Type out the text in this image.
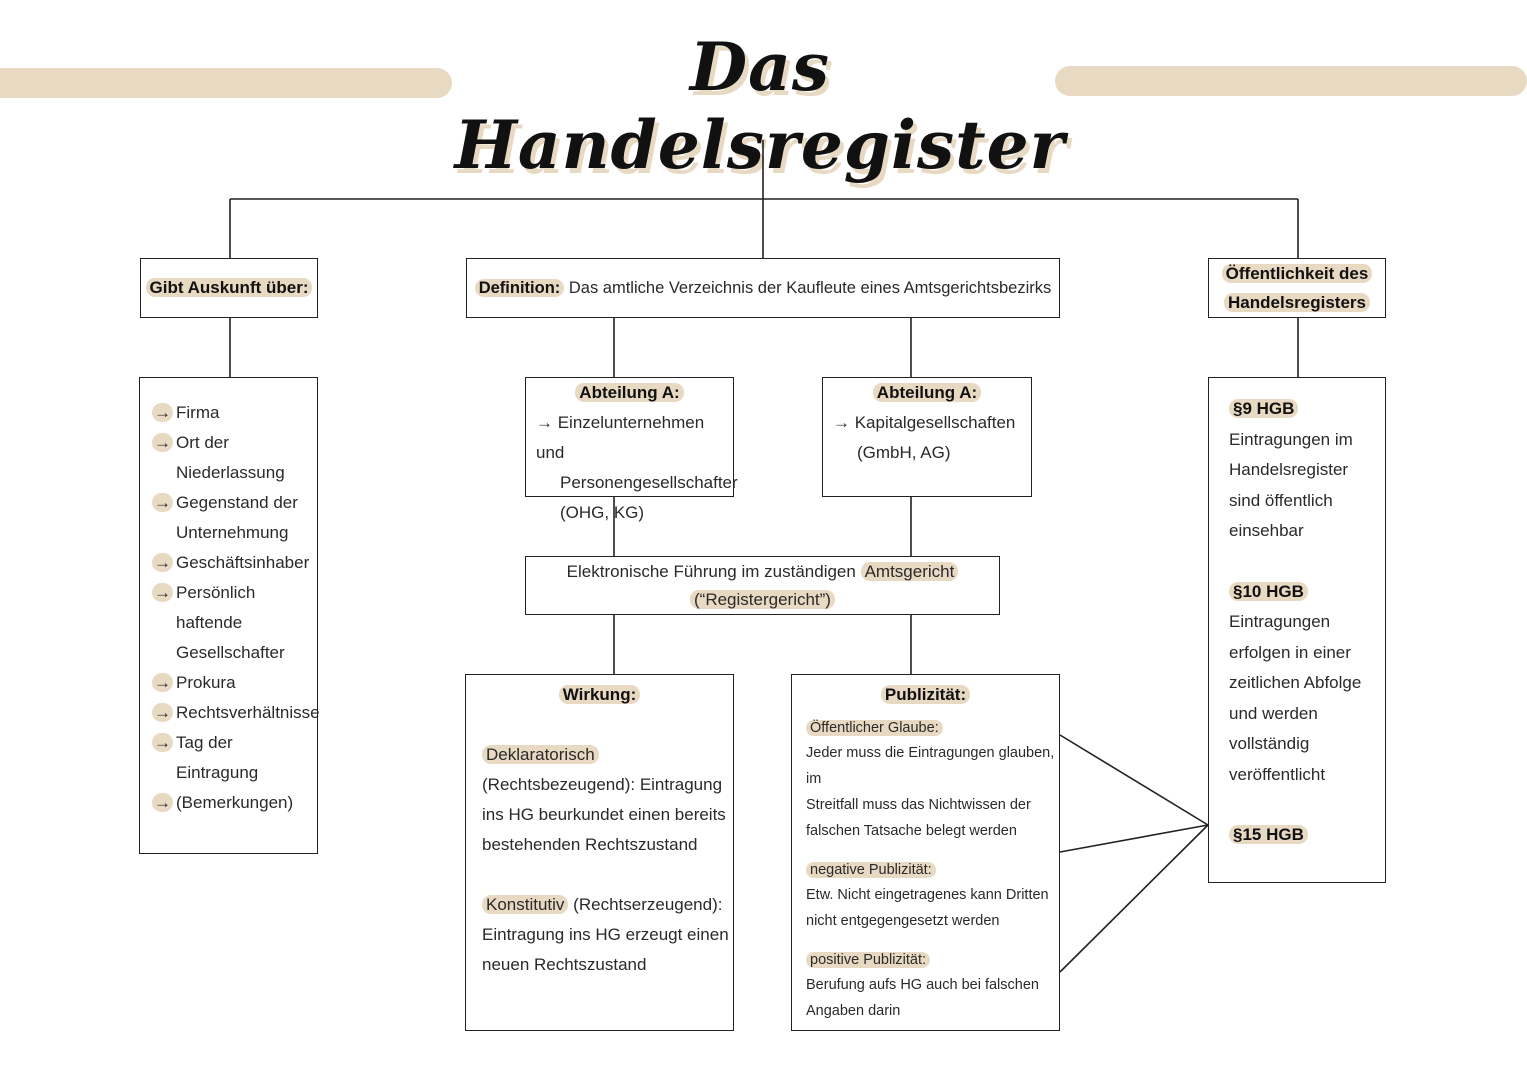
Das Handelsregister
Gibt Auskunft über:
→ Firma
→ Ort der
Niederlassung
→ Gegenstand der
Unternehmung
→ Geschäftsinhaber
→ Persönlich
haftende
Gesellschafter
→ Prokura
→ Rechtsverhältnisse
→ Tag der
Eintragung
→ (Bemerkungen)
Definition: Das amtliche Verzeichnis der Kaufleute eines Amtsgerichtsbezirks
Abteilung A:
→ Einzelunternehmen und
Personengesellschafter
(OHG, KG)
Abteilung A:
→ Kapitalgesellschaften
(GmbH, AG)
Elektronische Führung im zuständigen Amtsgericht
(“Registergericht”)
Wirkung:
Deklaratorisch
(Rechtsbezeugend): Eintragung
ins HG beurkundet einen bereits
bestehenden Rechtszustand
Konstitutiv (Rechtserzeugend):
Eintragung ins HG erzeugt einen
neuen Rechtszustand
Publizität:
Öffentlicher Glaube:
Jeder muss die Eintragungen glauben, im
Streitfall muss das Nichtwissen der
falschen Tatsache belegt werden
negative Publizität:
Etw. Nicht eingetragenes kann Dritten
nicht entgegengesetzt werden
positive Publizität:
Berufung aufs HG auch bei falschen
Angaben darin
Öffentlichkeit des
Handelsregisters
§9 HGB
Eintragungen im
Handelsregister
sind öffentlich
einsehbar
§10 HGB
Eintragungen
erfolgen in einer
zeitlichen Abfolge
und werden
vollständig
veröffentlicht
§15 HGB
